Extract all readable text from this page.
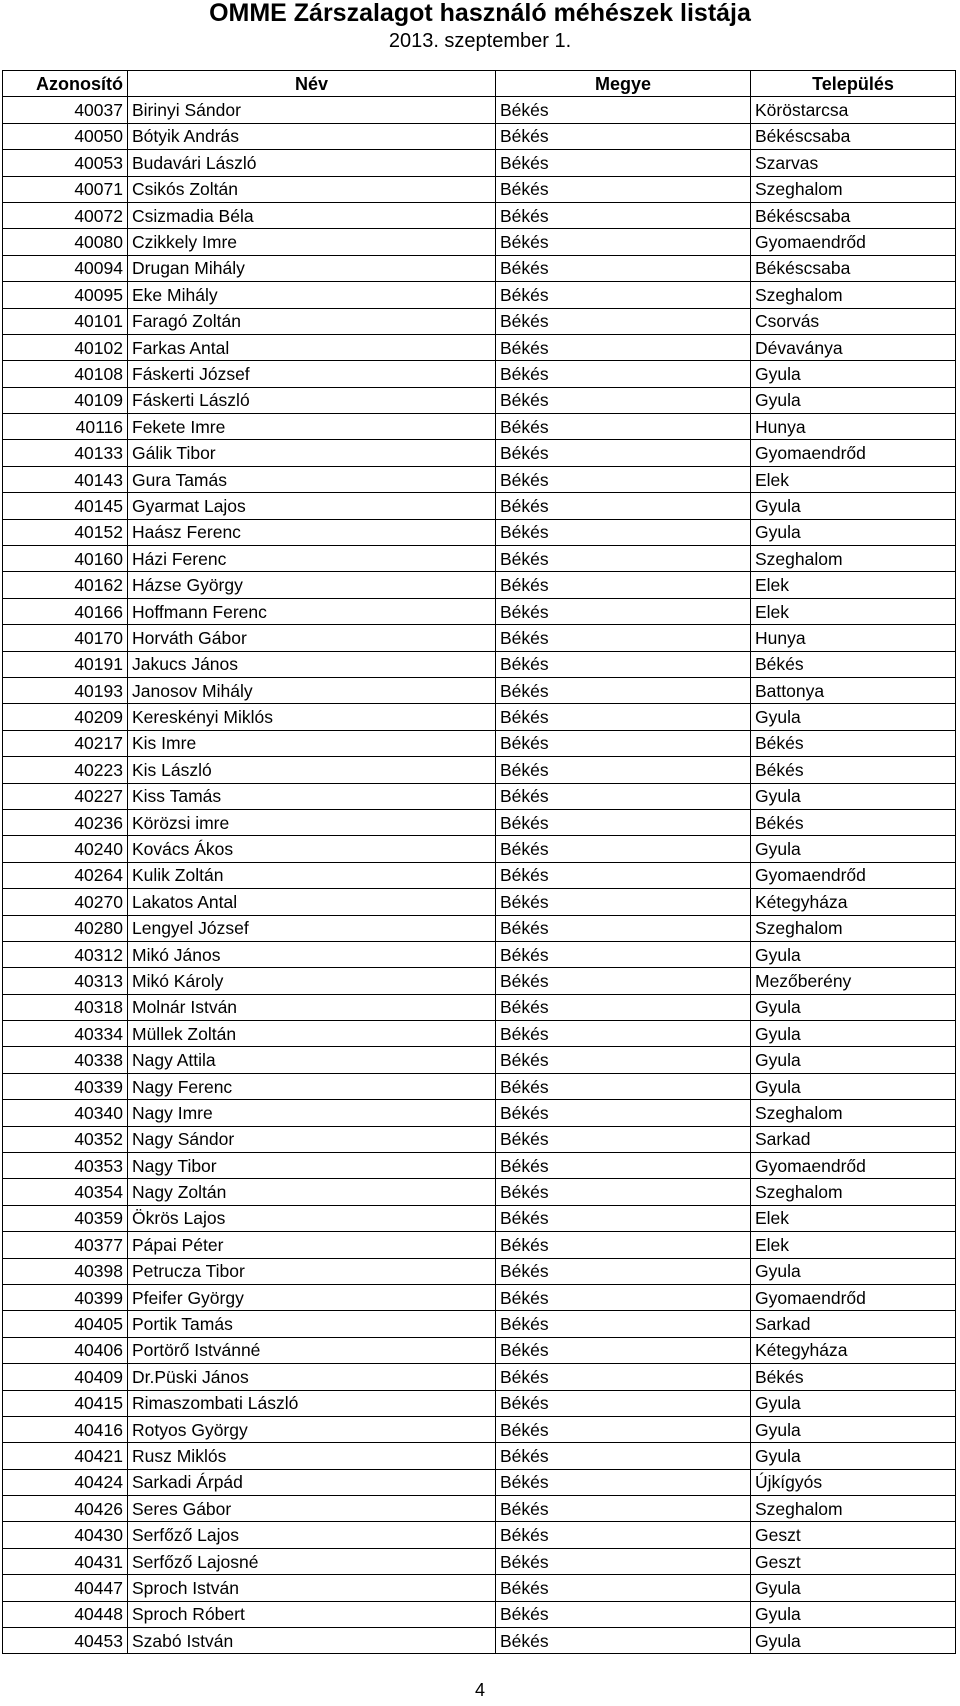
OMME Zárszalagot használó méhészek listája
2013. szeptember 1.
Azonosító	Név	Megye	Település
40037	Birinyi Sándor	Békés	Köröstarcsa
40050	Bótyik András	Békés	Békéscsaba
40053	Budavári László	Békés	Szarvas
40071	Csikós Zoltán	Békés	Szeghalom
40072	Csizmadia Béla	Békés	Békéscsaba
40080	Czikkely Imre	Békés	Gyomaendrőd
40094	Drugan Mihály	Békés	Békéscsaba
40095	Eke Mihály	Békés	Szeghalom
40101	Faragó Zoltán	Békés	Csorvás
40102	Farkas Antal	Békés	Dévaványa
40108	Fáskerti József	Békés	Gyula
40109	Fáskerti László	Békés	Gyula
40116	Fekete Imre	Békés	Hunya
40133	Gálik Tibor	Békés	Gyomaendrőd
40143	Gura Tamás	Békés	Elek
40145	Gyarmat Lajos	Békés	Gyula
40152	Haász Ferenc	Békés	Gyula
40160	Házi Ferenc	Békés	Szeghalom
40162	Házse György	Békés	Elek
40166	Hoffmann Ferenc	Békés	Elek
40170	Horváth Gábor	Békés	Hunya
40191	Jakucs János	Békés	Békés
40193	Janosov Mihály	Békés	Battonya
40209	Kereskényi Miklós	Békés	Gyula
40217	Kis Imre	Békés	Békés
40223	Kis László	Békés	Békés
40227	Kiss Tamás	Békés	Gyula
40236	Körözsi imre	Békés	Békés
40240	Kovács Ákos	Békés	Gyula
40264	Kulik Zoltán	Békés	Gyomaendrőd
40270	Lakatos Antal	Békés	Kétegyháza
40280	Lengyel József	Békés	Szeghalom
40312	Mikó János	Békés	Gyula
40313	Mikó Károly	Békés	Mezőberény
40318	Molnár István	Békés	Gyula
40334	Müllek Zoltán	Békés	Gyula
40338	Nagy Attila	Békés	Gyula
40339	Nagy Ferenc	Békés	Gyula
40340	Nagy Imre	Békés	Szeghalom
40352	Nagy Sándor	Békés	Sarkad
40353	Nagy Tibor	Békés	Gyomaendrőd
40354	Nagy Zoltán	Békés	Szeghalom
40359	Ökrös Lajos	Békés	Elek
40377	Pápai Péter	Békés	Elek
40398	Petrucza Tibor	Békés	Gyula
40399	Pfeifer György	Békés	Gyomaendrőd
40405	Portik Tamás	Békés	Sarkad
40406	Portörő Istvánné	Békés	Kétegyháza
40409	Dr.Püski János	Békés	Békés
40415	Rimaszombati László	Békés	Gyula
40416	Rotyos György	Békés	Gyula
40421	Rusz Miklós	Békés	Gyula
40424	Sarkadi Árpád	Békés	Újkígyós
40426	Seres Gábor	Békés	Szeghalom
40430	Serfőző Lajos	Békés	Geszt
40431	Serfőző Lajosné	Békés	Geszt
40447	Sproch István	Békés	Gyula
40448	Sproch Róbert	Békés	Gyula
40453	Szabó István	Békés	Gyula
4
